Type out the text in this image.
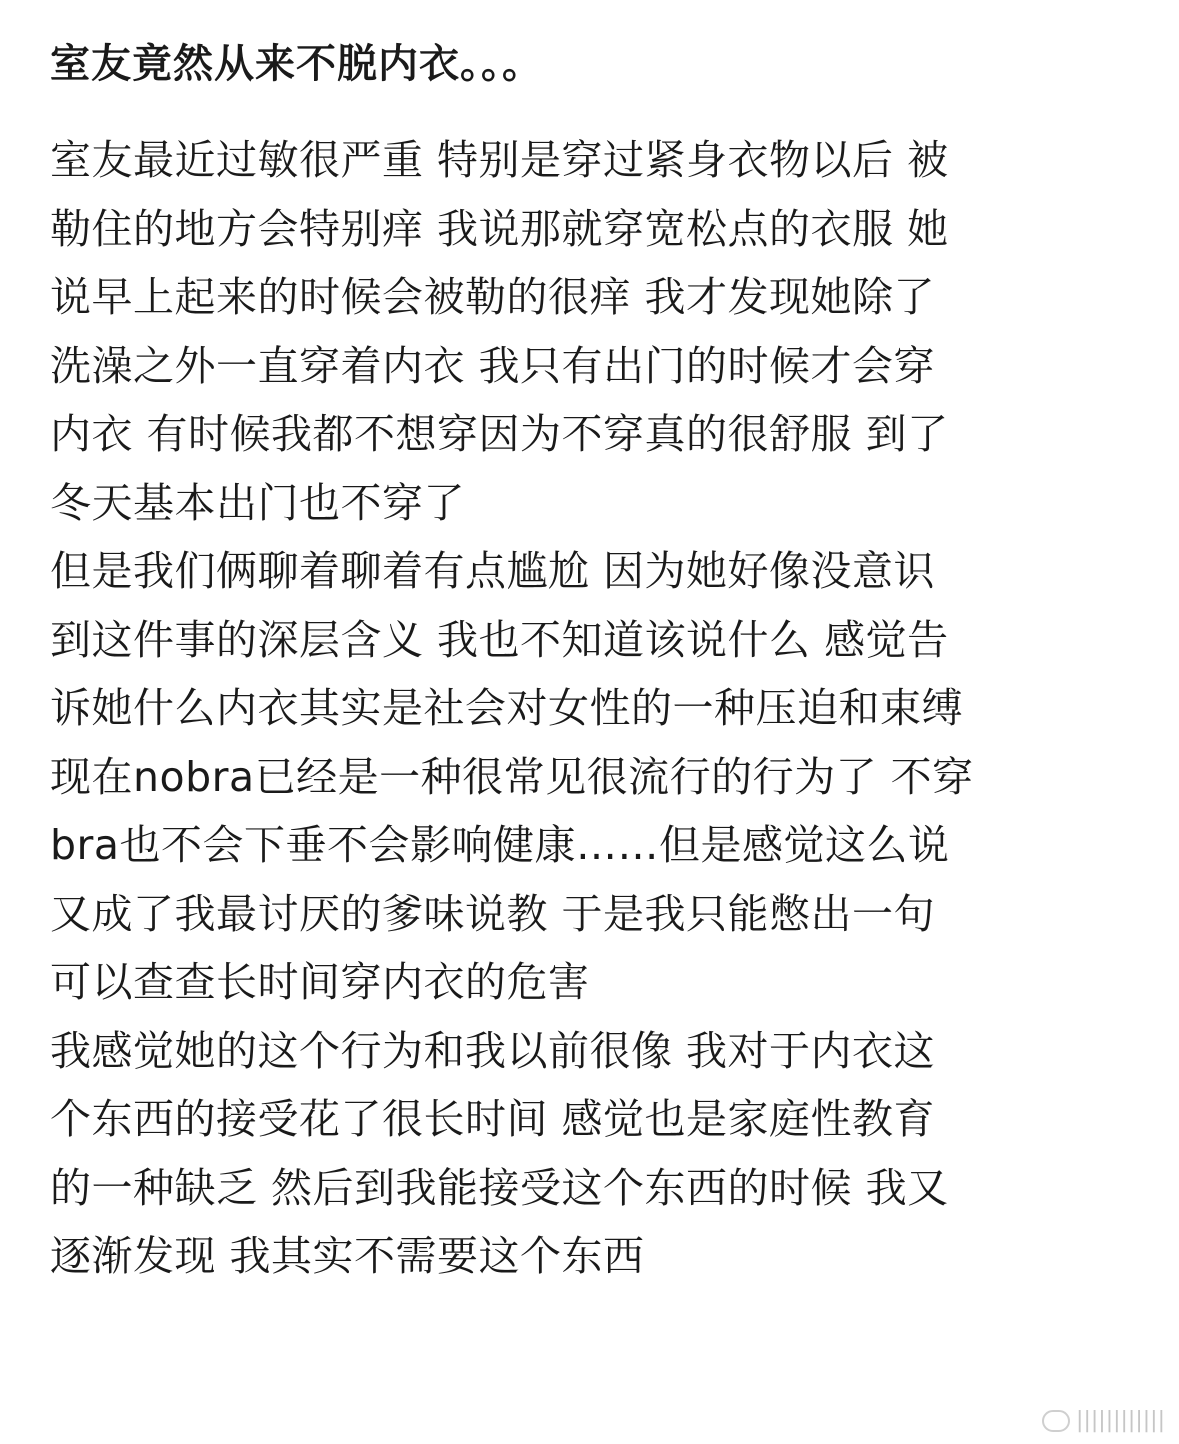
室友竟然从来不脱内衣。。。
室友最近过敏很严重 特别是穿过紧身衣物以后 被
勒住的地方会特别痒 我说那就穿宽松点的衣服 她
说早上起来的时候会被勒的很痒 我才发现她除了
洗澡之外一直穿着内衣 我只有出门的时候才会穿
内衣 有时候我都不想穿因为不穿真的很舒服 到了
冬天基本出门也不穿了
但是我们俩聊着聊着有点尴尬 因为她好像没意识
到这件事的深层含义 我也不知道该说什么 感觉告
诉她什么内衣其实是社会对女性的一种压迫和束缚
现在nobra已经是一种很常见很流行的行为了 不穿
bra也不会下垂不会影响健康……但是感觉这么说
又成了我最讨厌的爹味说教 于是我只能憋出一句
可以查查长时间穿内衣的危害
我感觉她的这个行为和我以前很像 我对于内衣这
个东西的接受花了很长时间 感觉也是家庭性教育
的一种缺乏 然后到我能接受这个东西的时候 我又
逐渐发现 我其实不需要这个东西
||||||||||||
